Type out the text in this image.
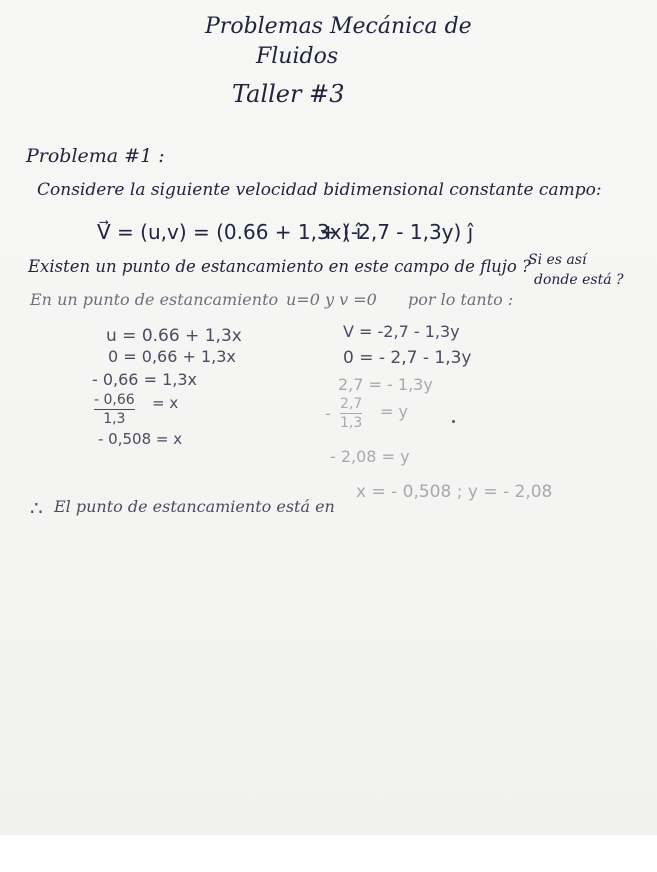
Problemas Mecánica de
Fluidos
Taller #3
Problema #1 :
Considere la siguiente velocidad bidimensional constante campo:
V⃗ = (u,v) = (0.66 + 1,3x) î
+ (-2,7 - 1,3y) ĵ
Existen un punto de estancamiento en este campo de flujo ?
Si es así
donde está ?
En un punto de estancamiento u=0 y v =0 por lo tanto :
u = 0.66 + 1,3x
0 = 0,66 + 1,3x
- 0,66 = 1,3x
- 0,66
1,3
= x
- 0,508 = x
V = -2,7 - 1,3y
0 = - 2,7 - 1,3y
2,7 = - 1,3y
- 2,7
1,3
= y
- 2,08 = y
∴ El punto de estancamiento está en
x = - 0,508 ; y = - 2,08
